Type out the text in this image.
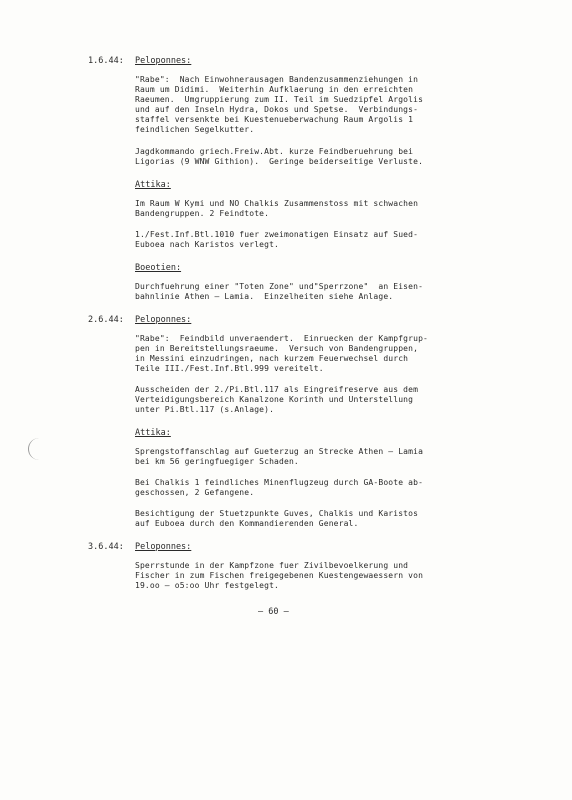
1.6.44: Peloponnes:
"Rabe":  Nach Einwohnerausagen Bandenzusammenziehungen in
Raum um Didimi.  Weiterhin Aufklaerung in den erreichten
Raeumen.  Umgruppierung zum II. Teil im Suedzipfel Argolis
und auf den Inseln Hydra, Dokos und Spetse.  Verbindungs-
staffel versenkte bei Kuestenueberwachung Raum Argolis 1
feindlichen Segelkutter.
Jagdkommando griech.Freiw.Abt. kurze Feindberuehrung bei
Ligorias (9 WNW Githion).  Geringe beiderseitige Verluste.
Attika:
Im Raum W Kymi und NO Chalkis Zusammenstoss mit schwachen
Bandengruppen. 2 Feindtote.
1./Fest.Inf.Btl.1010 fuer zweimonatigen Einsatz auf Sued-
Euboea nach Karistos verlegt.
Boeotien:
Durchfuehrung einer "Toten Zone" und"Sperrzone"  an Eisen-
bahnlinie Athen – Lamia.  Einzelheiten siehe Anlage.
2.6.44: Peloponnes:
"Rabe":  Feindbild unveraendert.  Einruecken der Kampfgrup-
pen in Bereitstellungsraeume.  Versuch von Bandengruppen,
in Messini einzudringen, nach kurzem Feuerwechsel durch
Teile III./Fest.Inf.Btl.999 vereitelt.
Ausscheiden der 2./Pi.Btl.117 als Eingreifreserve aus dem
Verteidigungsbereich Kanalzone Korinth und Unterstellung
unter Pi.Btl.117 (s.Anlage).
Attika:
Sprengstoffanschlag auf Gueterzug an Strecke Athen – Lamia
bei km 56 geringfuegiger Schaden.
Bei Chalkis 1 feindliches Minenflugzeug durch GA-Boote ab-
geschossen, 2 Gefangene.
Besichtigung der Stuetzpunkte Guves, Chalkis und Karistos
auf Euboea durch den Kommandierenden General.
3.6.44: Peloponnes:
Sperrstunde in der Kampfzone fuer Zivilbevoelkerung und
Fischer in zum Fischen freigegebenen Kuestengewaessern von
19.oo – o5:oo Uhr festgelegt.
– 60 –
